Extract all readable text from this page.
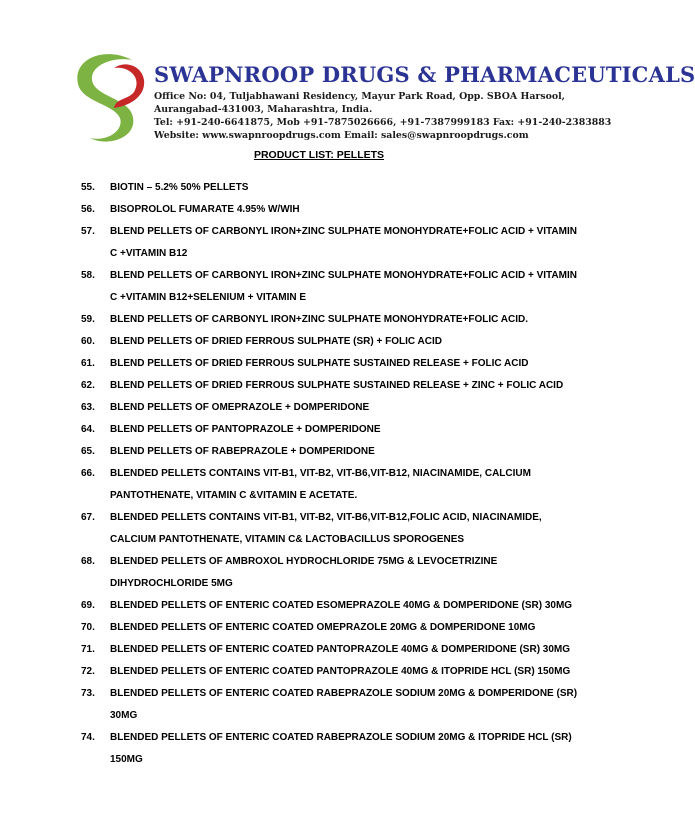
SWAPNROOP DRUGS & PHARMACEUTICALS
Office No: 04, Tuljabhawani Residency, Mayur Park Road, Opp. SBOA Harsool,
Aurangabad-431003, Maharashtra, India.
Tel: +91-240-6641875, Mob +91-7875026666, +91-7387999183 Fax: +91-240-2383883
Website: www.swapnroopdrugs.com Email: sales@swapnroopdrugs.com
PRODUCT LIST: PELLETS
55. BIOTIN – 5.2% 50% PELLETS
56. BISOPROLOL FUMARATE 4.95% W/WIH
57. BLEND PELLETS OF CARBONYL IRON+ZINC SULPHATE MONOHYDRATE+FOLIC ACID + VITAMIN C +VITAMIN B12
58. BLEND PELLETS OF CARBONYL IRON+ZINC SULPHATE MONOHYDRATE+FOLIC ACID + VITAMIN C +VITAMIN B12+SELENIUM + VITAMIN E
59. BLEND PELLETS OF CARBONYL IRON+ZINC SULPHATE MONOHYDRATE+FOLIC ACID.
60. BLEND PELLETS OF DRIED FERROUS SULPHATE (SR) + FOLIC ACID
61. BLEND PELLETS OF DRIED FERROUS SULPHATE SUSTAINED RELEASE + FOLIC ACID
62. BLEND PELLETS OF DRIED FERROUS SULPHATE SUSTAINED RELEASE + ZINC + FOLIC ACID
63. BLEND PELLETS OF OMEPRAZOLE + DOMPERIDONE
64. BLEND PELLETS OF PANTOPRAZOLE + DOMPERIDONE
65. BLEND PELLETS OF RABEPRAZOLE + DOMPERIDONE
66. BLENDED PELLETS CONTAINS VIT-B1, VIT-B2, VIT-B6,VIT-B12, NIACINAMIDE, CALCIUM PANTOTHENATE, VITAMIN C &VITAMIN E ACETATE.
67. BLENDED PELLETS CONTAINS VIT-B1, VIT-B2, VIT-B6,VIT-B12,FOLIC ACID, NIACINAMIDE, CALCIUM PANTOTHENATE, VITAMIN C& LACTOBACILLUS SPOROGENES
68. BLENDED PELLETS OF AMBROXOL HYDROCHLORIDE 75MG & LEVOCETRIZINE DIHYDROCHLORIDE 5MG
69. BLENDED PELLETS OF ENTERIC COATED ESOMEPRAZOLE 40MG & DOMPERIDONE (SR) 30MG
70. BLENDED PELLETS OF ENTERIC COATED OMEPRAZOLE 20MG & DOMPERIDONE 10MG
71. BLENDED PELLETS OF ENTERIC COATED PANTOPRAZOLE 40MG & DOMPERIDONE (SR) 30MG
72. BLENDED PELLETS OF ENTERIC COATED PANTOPRAZOLE 40MG & ITOPRIDE HCL (SR) 150MG
73. BLENDED PELLETS OF ENTERIC COATED RABEPRAZOLE SODIUM 20MG & DOMPERIDONE (SR) 30MG
74. BLENDED PELLETS OF ENTERIC COATED RABEPRAZOLE SODIUM 20MG & ITOPRIDE HCL (SR) 150MG
